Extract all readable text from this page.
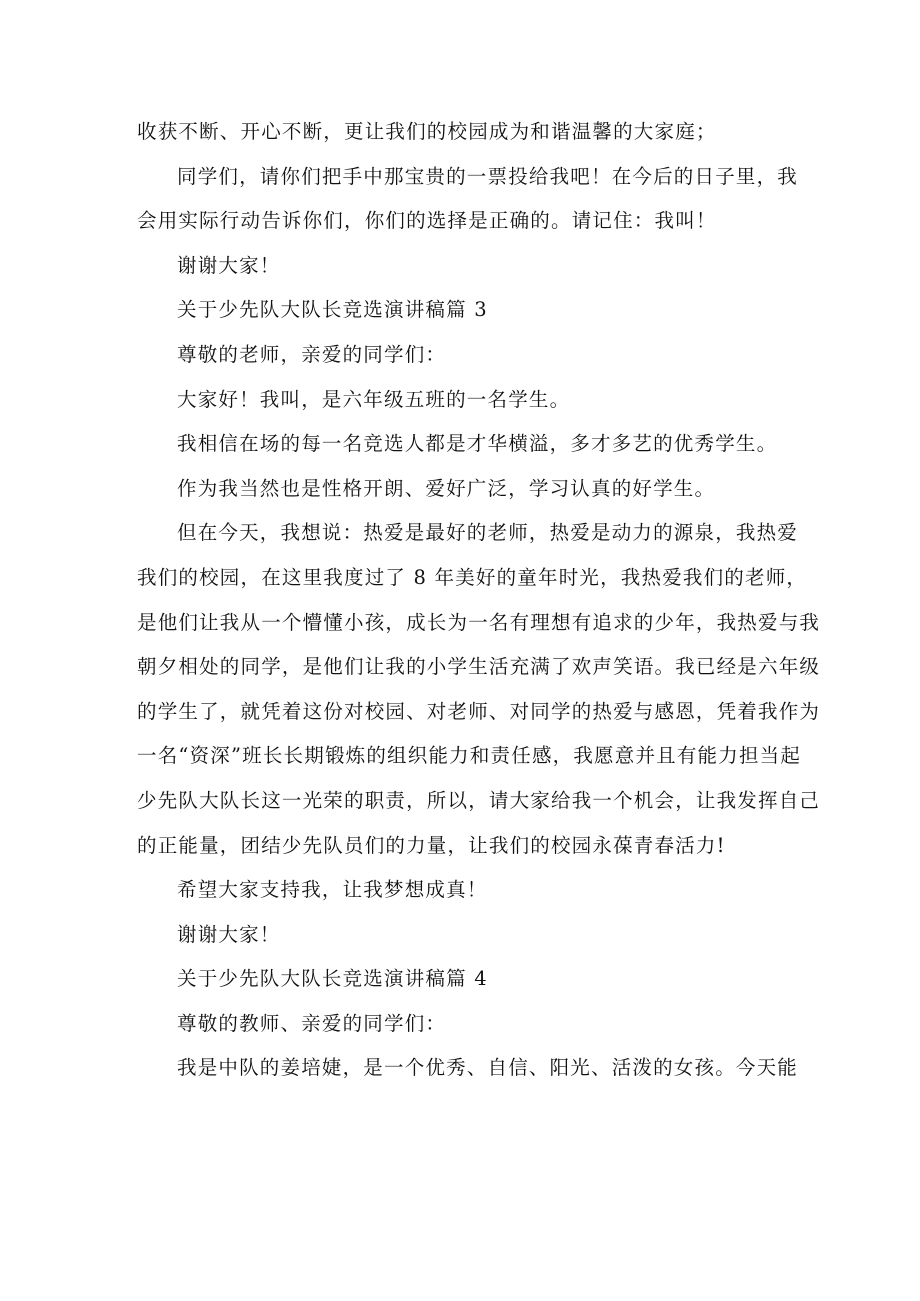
收获不断、开心不断，更让我们的校园成为和谐温馨的大家庭；
同学们，请你们把手中那宝贵的一票投给我吧！在今后的日子里，我
会用实际行动告诉你们，你们的选择是正确的。请记住：我叫！
谢谢大家！
关于少先队大队长竞选演讲稿篇 3
尊敬的老师，亲爱的同学们：
大家好！我叫，是六年级五班的一名学生。
我相信在场的每一名竞选人都是才华横溢，多才多艺的优秀学生。
作为我当然也是性格开朗、爱好广泛，学习认真的好学生。
但在今天，我想说：热爱是最好的老师，热爱是动力的源泉，我热爱
我们的校园，在这里我度过了 8 年美好的童年时光，我热爱我们的老师，
是他们让我从一个懵懂小孩，成长为一名有理想有追求的少年，我热爱与我
朝夕相处的同学，是他们让我的小学生活充满了欢声笑语。我已经是六年级
的学生了，就凭着这份对校园、对老师、对同学的热爱与感恩，凭着我作为
一名“资深”班长长期锻炼的组织能力和责任感，我愿意并且有能力担当起
少先队大队长这一光荣的职责，所以，请大家给我一个机会，让我发挥自己
的正能量，团结少先队员们的力量，让我们的校园永葆青春活力!
希望大家支持我，让我梦想成真！
谢谢大家！
关于少先队大队长竞选演讲稿篇 4
尊敬的教师、亲爱的同学们：
我是中队的姜培婕，是一个优秀、自信、阳光、活泼的女孩。今天能
